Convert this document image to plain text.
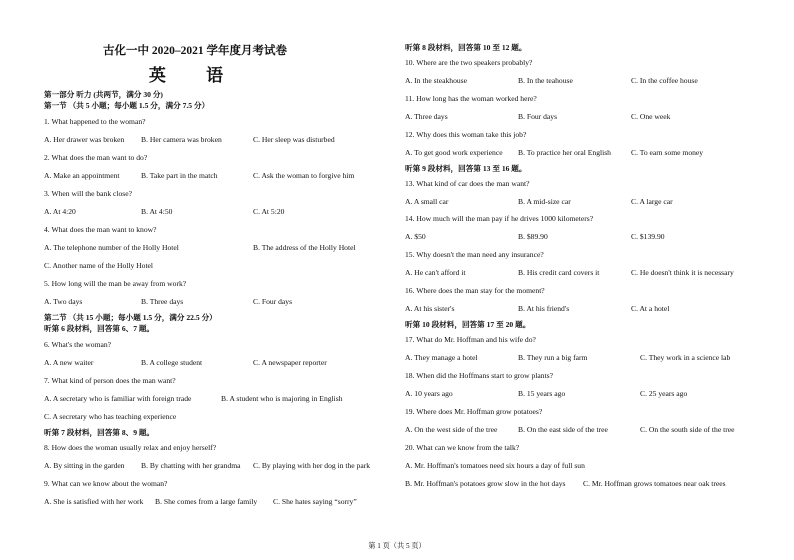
古化一中 2020–2021 学年度月考试卷
英 语
第一部分 听力 (共两节，满分 30 分)
第一节 （共 5 小题；每小题 1.5 分，满分 7.5 分）
1. What happened to the woman?
A. Her drawer was broken B. Her camera was broken	C. Her sleep was disturbed
2. What does the man want to do?
A. Make an appointment	B. Take part in the match	C. Ask the woman to forgive him
3. When will the bank close?
A. At 4:20	B. At 4:50	C. At 5:20
4. What does the man want to know?
A. The telephone number of the Holly Hotel	B. The address of the Holly Hotel
C. Another name of the Holly Hotel
5. How long will the man be away from work?
A. Two days	B. Three days	C. Four days
第二节 （共 15 小题；每小题 1.5 分，满分 22.5 分）
听第 6 段材料，回答第 6、7 题。
6. What's the woman?
A. A new waiter	B. A college student	C. A newspaper reporter
7. What kind of person does the man want?
A. A secretary who is familiar with foreign trade	B. A student who is majoring in English
C. A secretary who has teaching experience
听第 7 段材料，回答第 8、9 题。
8. How does the woman usually relax and enjoy herself?
A. By sitting in the garden B. By chatting with her grandma C. By playing with her dog in the park
9. What can we know about the woman?
A. She is satisfied with her work B. She comes from a large family C. She hates saying “sorry”
听第 8 段材料，回答第 10 至 12 题。
10. Where are the two speakers probably?
A. In the steakhouse	B. In the teahouse	C. In the coffee house
11. How long has the woman worked here?
A. Three days	B. Four days	C. One week
12. Why does this woman take this job?
A. To get good work experience B. To practice her oral English	C. To earn some money
听第 9 段材料，回答第 13 至 16 题。
13. What kind of car does the man want?
A. A small car	B. A mid-size car	C. A large car
14. How much will the man pay if he drives 1000 kilometers?
A. $50	B. $89.90	C. $139.90
15. Why doesn't the man need any insurance?
A. He can't afford it	B. His credit card covers it	C. He doesn't think it is necessary
16. Where does the man stay for the moment?
A. At his sister's	B. At his friend's	C. At a hotel
听第 10 段材料，回答第 17 至 20 题。
17. What do Mr. Hoffman and his wife do?
A. They manage a hotel	B. They run a big farm	C. They work in a science lab
18. When did the Hoffmans start to grow plants?
A. 10 years ago	B. 15 years ago	C. 25 years ago
19. Where does Mr. Hoffman grow potatoes?
A. On the west side of the tree	B. On the east side of the tree	C. On the south side of the tree
20. What can we know from the talk?
A. Mr. Hoffman's tomatoes need six hours a day of full sun
B. Mr. Hoffman's potatoes grow slow in the hot days C. Mr. Hoffman grows tomatoes near oak trees
第 1 页（共 5 页）
